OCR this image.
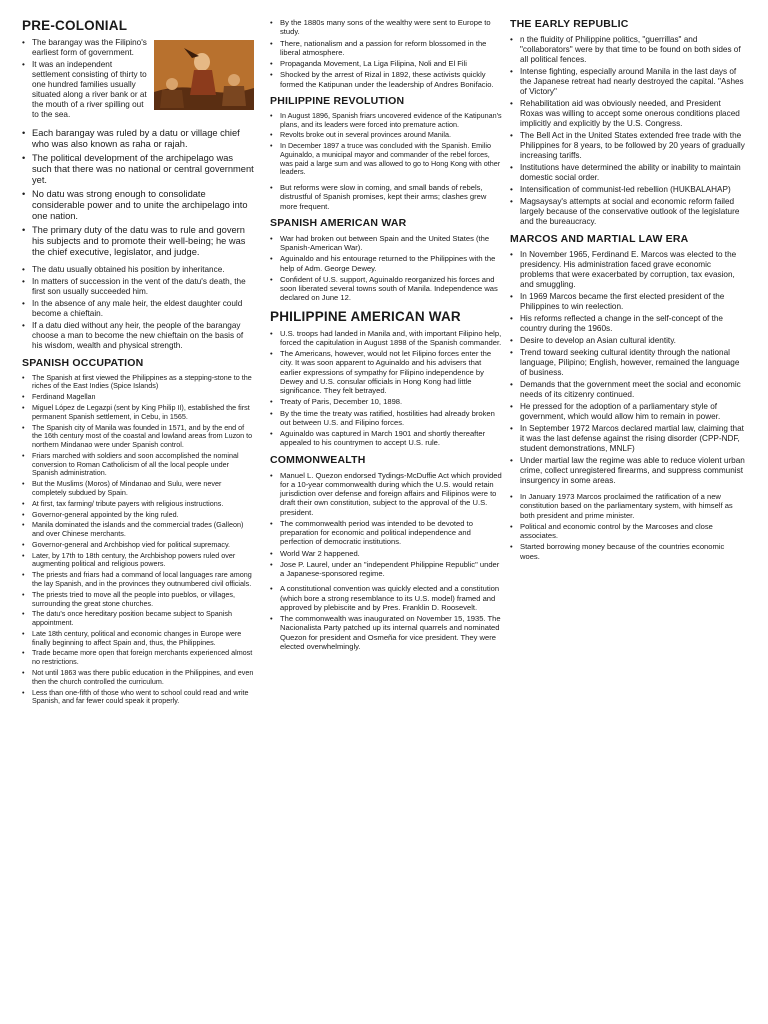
PRE-COLONIAL
• The barangay was the Filipino's earliest form of government.
• It was an independent settlement consisting of thirty to one hundred families usually situated along a river bank or at the mouth of a river spilling out to the sea.
• Each barangay was ruled by a datu or village chief who was also known as raha or rajah.
• The political development of the archipelago was such that there was no national or central government yet.
• No datu was strong enough to consolidate considerable power and to unite the archipelago into one nation.
• The primary duty of the datu was to rule and govern his subjects and to promote their well-being; he was the chief executive, legislator, and judge.
• The datu usually obtained his position by inheritance.
• In matters of succession in the vent of the datu's death, the first son usually succeeded him.
• In the absence of any male heir, the eldest daughter could become a chieftain.
• If a datu died without any heir, the people of the barangay choose a man to become the new chieftain on the basis of his wisdom, wealth and physical strength.
SPANISH OCCUPATION
• The Spanish at first viewed the Philippines as a stepping-stone to the riches of the East Indies (Spice Islands)
• Ferdinand Magellan
• Miguel López de Legazpi (sent by King Philip II), established the first permanent Spanish settlement, in Cebu, in 1565.
• The Spanish city of Manila was founded in 1571, and by the end of the 16th century most of the coastal and lowland areas from Luzon to northern Mindanao were under Spanish control.
• Friars marched with soldiers and soon accomplished the nominal conversion to Roman Catholicism of all the local people under Spanish administration.
• But the Muslims (Moros) of Mindanao and Sulu, were never completely subdued by Spain.
• At first, tax farming/ tribute payers with religious instructions.
• Governor-general appointed by the king ruled.
• Manila dominated the islands and the commercial trades (Galleon) and over Chinese merchants.
• Governor-general and Archbishop vied for political supremacy.
• Later, by 17th to 18th century, the Archbishop powers ruled over augmenting political and religious powers.
• The priests and friars had a command of local languages rare among the lay Spanish, and in the provinces they outnumbered civil officials.
• The priests tried to move all the people into pueblos, or villages, surrounding the great stone churches.
• The datu's once hereditary position became subject to Spanish appointment.
• Late 18th century, political and economic changes in Europe were finally beginning to affect Spain and, thus, the Philippines.
• Trade became more open that foreign merchants experienced almost no restrictions.
• Not until 1863 was there public education in the Philippines, and even then the church controlled the curriculum.
• Less than one-fifth of those who went to school could read and write Spanish, and far fewer could speak it properly.
• By the 1880s many sons of the wealthy were sent to Europe to study.
• There, nationalism and a passion for reform blossomed in the liberal atmosphere.
• Propaganda Movement, La Liga Filipina, Noli and El Fili
• Shocked by the arrest of Rizal in 1892, these activists quickly formed the Katipunan under the leadership of Andres Bonifacio.
PHILIPPINE REVOLUTION
• In August 1896, Spanish friars uncovered evidence of the Katipunan's plans, and its leaders were forced into premature action.
• Revolts broke out in several provinces around Manila.
• In December 1897 a truce was concluded with the Spanish. Emilio Aguinaldo, a municipal mayor and commander of the rebel forces, was paid a large sum and was allowed to go to Hong Kong with other leaders.
• But reforms were slow in coming, and small bands of rebels, distrustful of Spanish promises, kept their arms; clashes grew more frequent.
SPANISH AMERICAN WAR
• War had broken out between Spain and the United States (the Spanish-American War).
• Aguinaldo and his entourage returned to the Philippines with the help of Adm. George Dewey.
• Confident of U.S. support, Aguinaldo reorganized his forces and soon liberated several towns south of Manila. Independence was declared on June 12.
PHILIPPINE AMERICAN WAR
• U.S. troops had landed in Manila and, with important Filipino help, forced the capitulation in August 1898 of the Spanish commander.
• The Americans, however, would not let Filipino forces enter the city. It was soon apparent to Aguinaldo and his advisers that earlier expressions of sympathy for Filipino independence by Dewey and U.S. consular officials in Hong Kong had little significance. They felt betrayed.
• Treaty of Paris, December 10, 1898.
• By the time the treaty was ratified, hostilities had already broken out between U.S. and Filipino forces.
• Aguinaldo was captured in March 1901 and shortly thereafter appealed to his countrymen to accept U.S. rule.
COMMONWEALTH
• Manuel L. Quezon endorsed Tydings-McDuffie Act which provided for a 10-year commonwealth during which the U.S. would retain jurisdiction over defense and foreign affairs and Filipinos were to draft their own constitution, subject to the approval of the U.S. president.
• The commonwealth period was intended to be devoted to preparation for economic and political independence and perfection of democratic institutions.
• World War 2 happened.
• Jose P. Laurel, under an "independent Philippine Republic" under a Japanese-sponsored regime.
• A constitutional convention was quickly elected and a constitution (which bore a strong resemblance to its U.S. model) framed and approved by plebiscite and by Pres. Franklin D. Roosevelt.
• The commonwealth was inaugurated on November 15, 1935. The Nacionalista Party patched up its internal quarrels and nominated Quezon for president and Osmeña for vice president. They were elected overwhelmingly.
THE EARLY REPUBLIC
• n the fluidity of Philippine politics, "guerrillas" and "collaborators" were by that time to be found on both sides of all political fences.
• Intense fighting, especially around Manila in the last days of the Japanese retreat had nearly destroyed the capital. "Ashes of Victory"
• Rehabilitation aid was obviously needed, and President Roxas was willing to accept some onerous conditions placed implicitly and explicitly by the U.S. Congress.
• The Bell Act in the United States extended free trade with the Philippines for 8 years, to be followed by 20 years of gradually increasing tariffs.
• Institutions have determined the ability or inability to maintain domestic social order.
• Intensification of communist-led rebellion (HUKBALAHAP)
• Magsaysay's attempts at social and economic reform failed largely because of the conservative outlook of the legislature and the bureaucracy.
MARCOS AND MARTIAL LAW ERA
• In November 1965, Ferdinand E. Marcos was elected to the presidency. His administration faced grave economic problems that were exacerbated by corruption, tax evasion, and smuggling.
• In 1969 Marcos became the first elected president of the Philippines to win reelection.
• His reforms reflected a change in the self-concept of the country during the 1960s.
• Desire to develop an Asian cultural identity.
• Trend toward seeking cultural identity through the national language, Pilipino; English, however, remained the language of business.
• Demands that the government meet the social and economic needs of its citizenry continued.
• He pressed for the adoption of a parliamentary style of government, which would allow him to remain in power.
• In September 1972 Marcos declared martial law, claiming that it was the last defense against the rising disorder (CPP-NDF, student demonstrations, MNLF)
• Under martial law the regime was able to reduce violent urban crime, collect unregistered firearms, and suppress communist insurgency in some areas.
• In January 1973 Marcos proclaimed the ratification of a new constitution based on the parliamentary system, with himself as both president and prime minister.
• Political and economic control by the Marcoses and close associates.
• Started borrowing money because of the countries economic woes.
